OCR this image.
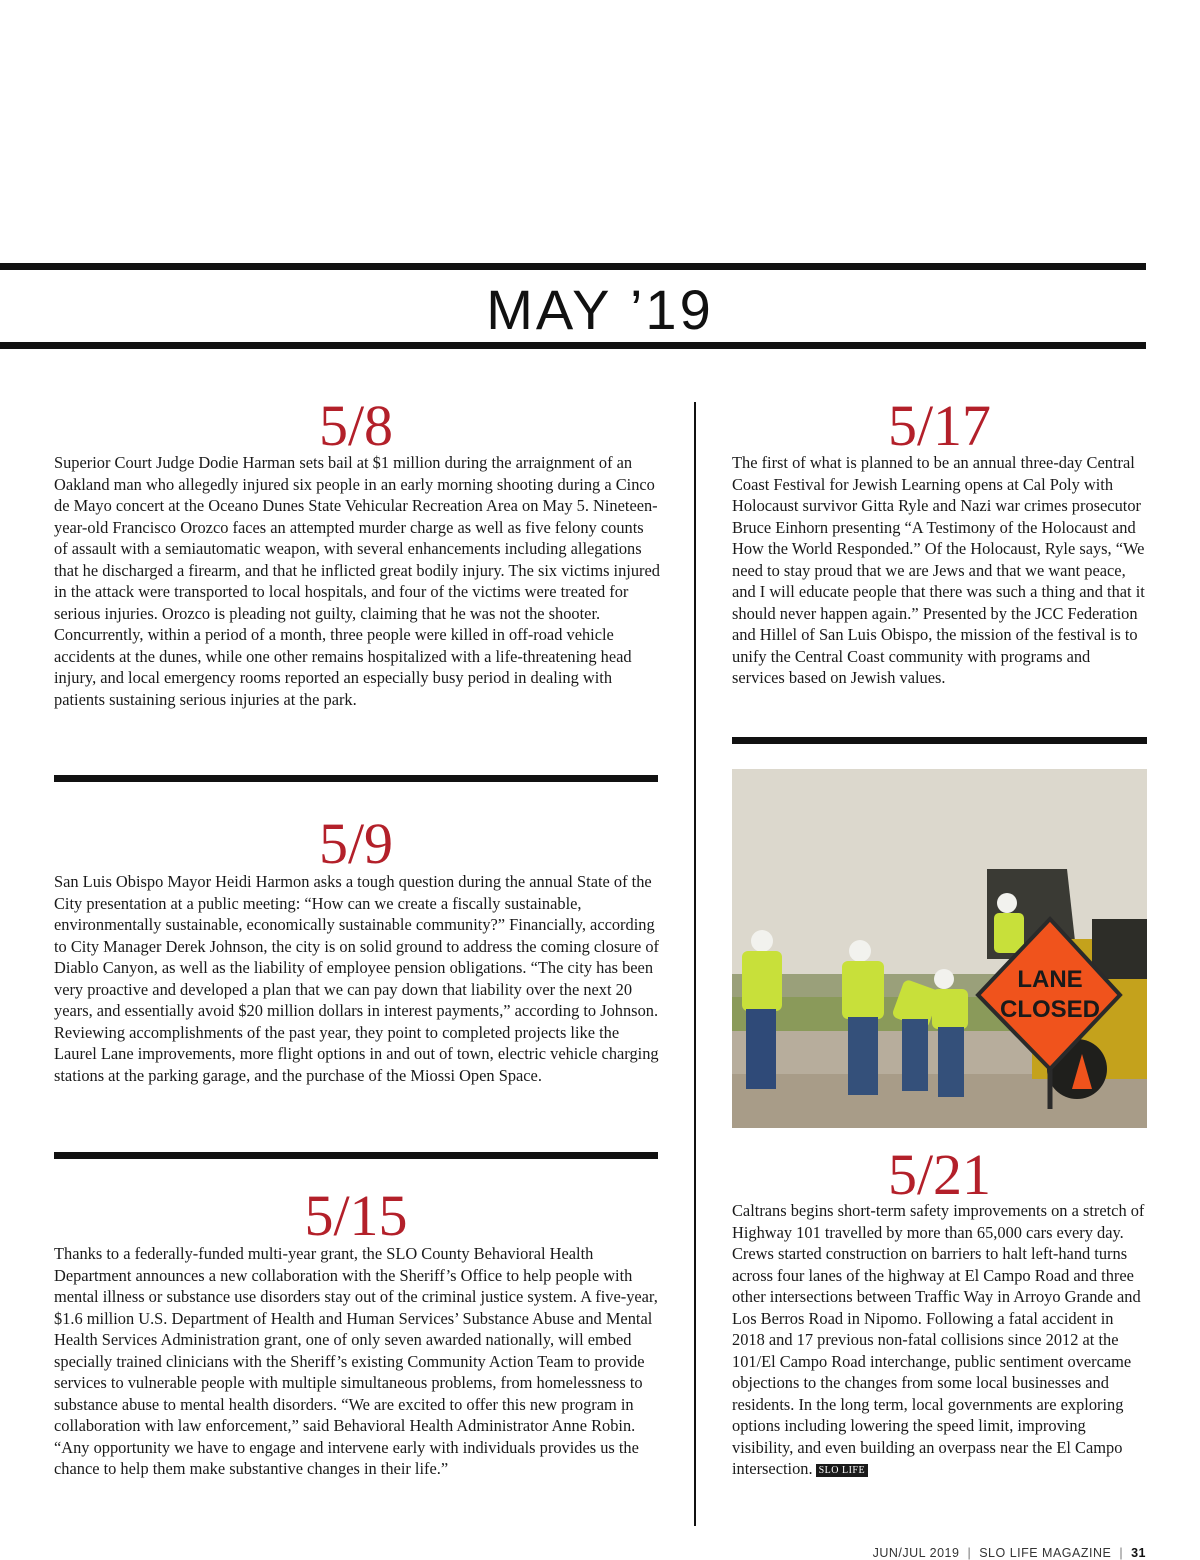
MAY ’19
5/8

Superior Court Judge Dodie Harman sets bail at $1 million during the arraignment of an Oakland man who allegedly injured six people in an early morning shooting during a Cinco de Mayo concert at the Oceano Dunes State Vehicular Recreation Area on May 5. Nineteen-year-old Francisco Orozco faces an attempted murder charge as well as five felony counts of assault with a semiautomatic weapon, with several enhancements including allegations that he discharged a firearm, and that he inflicted great bodily injury. The six victims injured in the attack were transported to local hospitals, and four of the victims were treated for serious injuries. Orozco is pleading not guilty, claiming that he was not the shooter. Concurrently, within a period of a month, three people were killed in off-road vehicle accidents at the dunes, while one other remains hospitalized with a life-threatening head injury, and local emergency rooms reported an especially busy period in dealing with patients sustaining serious injuries at the park.

5/9

San Luis Obispo Mayor Heidi Harmon asks a tough question during the annual State of the City presentation at a public meeting: “How can we create a fiscally sustainable, environmentally sustainable, economically sustainable community?” Financially, according to City Manager Derek Johnson, the city is on solid ground to address the coming closure of Diablo Canyon, as well as the liability of employee pension obligations. “The city has been very proactive and developed a plan that we can pay down that liability over the next 20 years, and essentially avoid $20 million dollars in interest payments,” according to Johnson. Reviewing accomplishments of the past year, they point to completed projects like the Laurel Lane improvements, more flight options in and out of town, electric vehicle charging stations at the parking garage, and the purchase of the Miossi Open Space.

5/15

Thanks to a federally-funded multi-year grant, the SLO County Behavioral Health Department announces a new collaboration with the Sheriff’s Office to help people with mental illness or substance use disorders stay out of the criminal justice system. A five-year, $1.6 million U.S. Department of Health and Human Services’ Substance Abuse and Mental Health Services Administration grant, one of only seven awarded nationally, will embed specially trained clinicians with the Sheriff’s existing Community Action Team to provide services to vulnerable people with multiple simultaneous problems, from homelessness to substance abuse to mental health disorders. “We are excited to offer this new program in collaboration with law enforcement,” said Behavioral Health Administrator Anne Robin. “Any opportunity we have to engage and intervene early with individuals provides us the chance to help them make substantive changes in their life.”

5/17

The first of what is planned to be an annual three-day Central Coast Festival for Jewish Learning opens at Cal Poly with Holocaust survivor Gitta Ryle and Nazi war crimes prosecutor Bruce Einhorn presenting “A Testimony of the Holocaust and How the World Responded.” Of the Holocaust, Ryle says, “We need to stay proud that we are Jews and that we want peace, and I will educate people that there was such a thing and that it should never happen again.” Presented by the JCC Federation and Hillel of San Luis Obispo, the mission of the festival is to unify the Central Coast community with programs and services based on Jewish values.

LANE
CLOSED
5/21

Caltrans begins short-term safety improvements on a stretch of Highway 101 travelled by more than 65,000 cars every day. Crews started construction on barriers to halt left-hand turns across four lanes of the highway at El Campo Road and three other intersections between Traffic Way in Arroyo Grande and Los Berros Road in Nipomo. Following a fatal accident in 2018 and 17 previous non-fatal collisions since 2012 at the 101/El Campo Road interchange, public sentiment overcame objections to the changes from some local businesses and residents. In the long term, local governments are exploring options including lowering the speed limit, improving visibility, and even building an overpass near the El Campo intersection. SLO LIFE

JUN/JUL 2019 | SLO LIFE MAGAZINE | 31
